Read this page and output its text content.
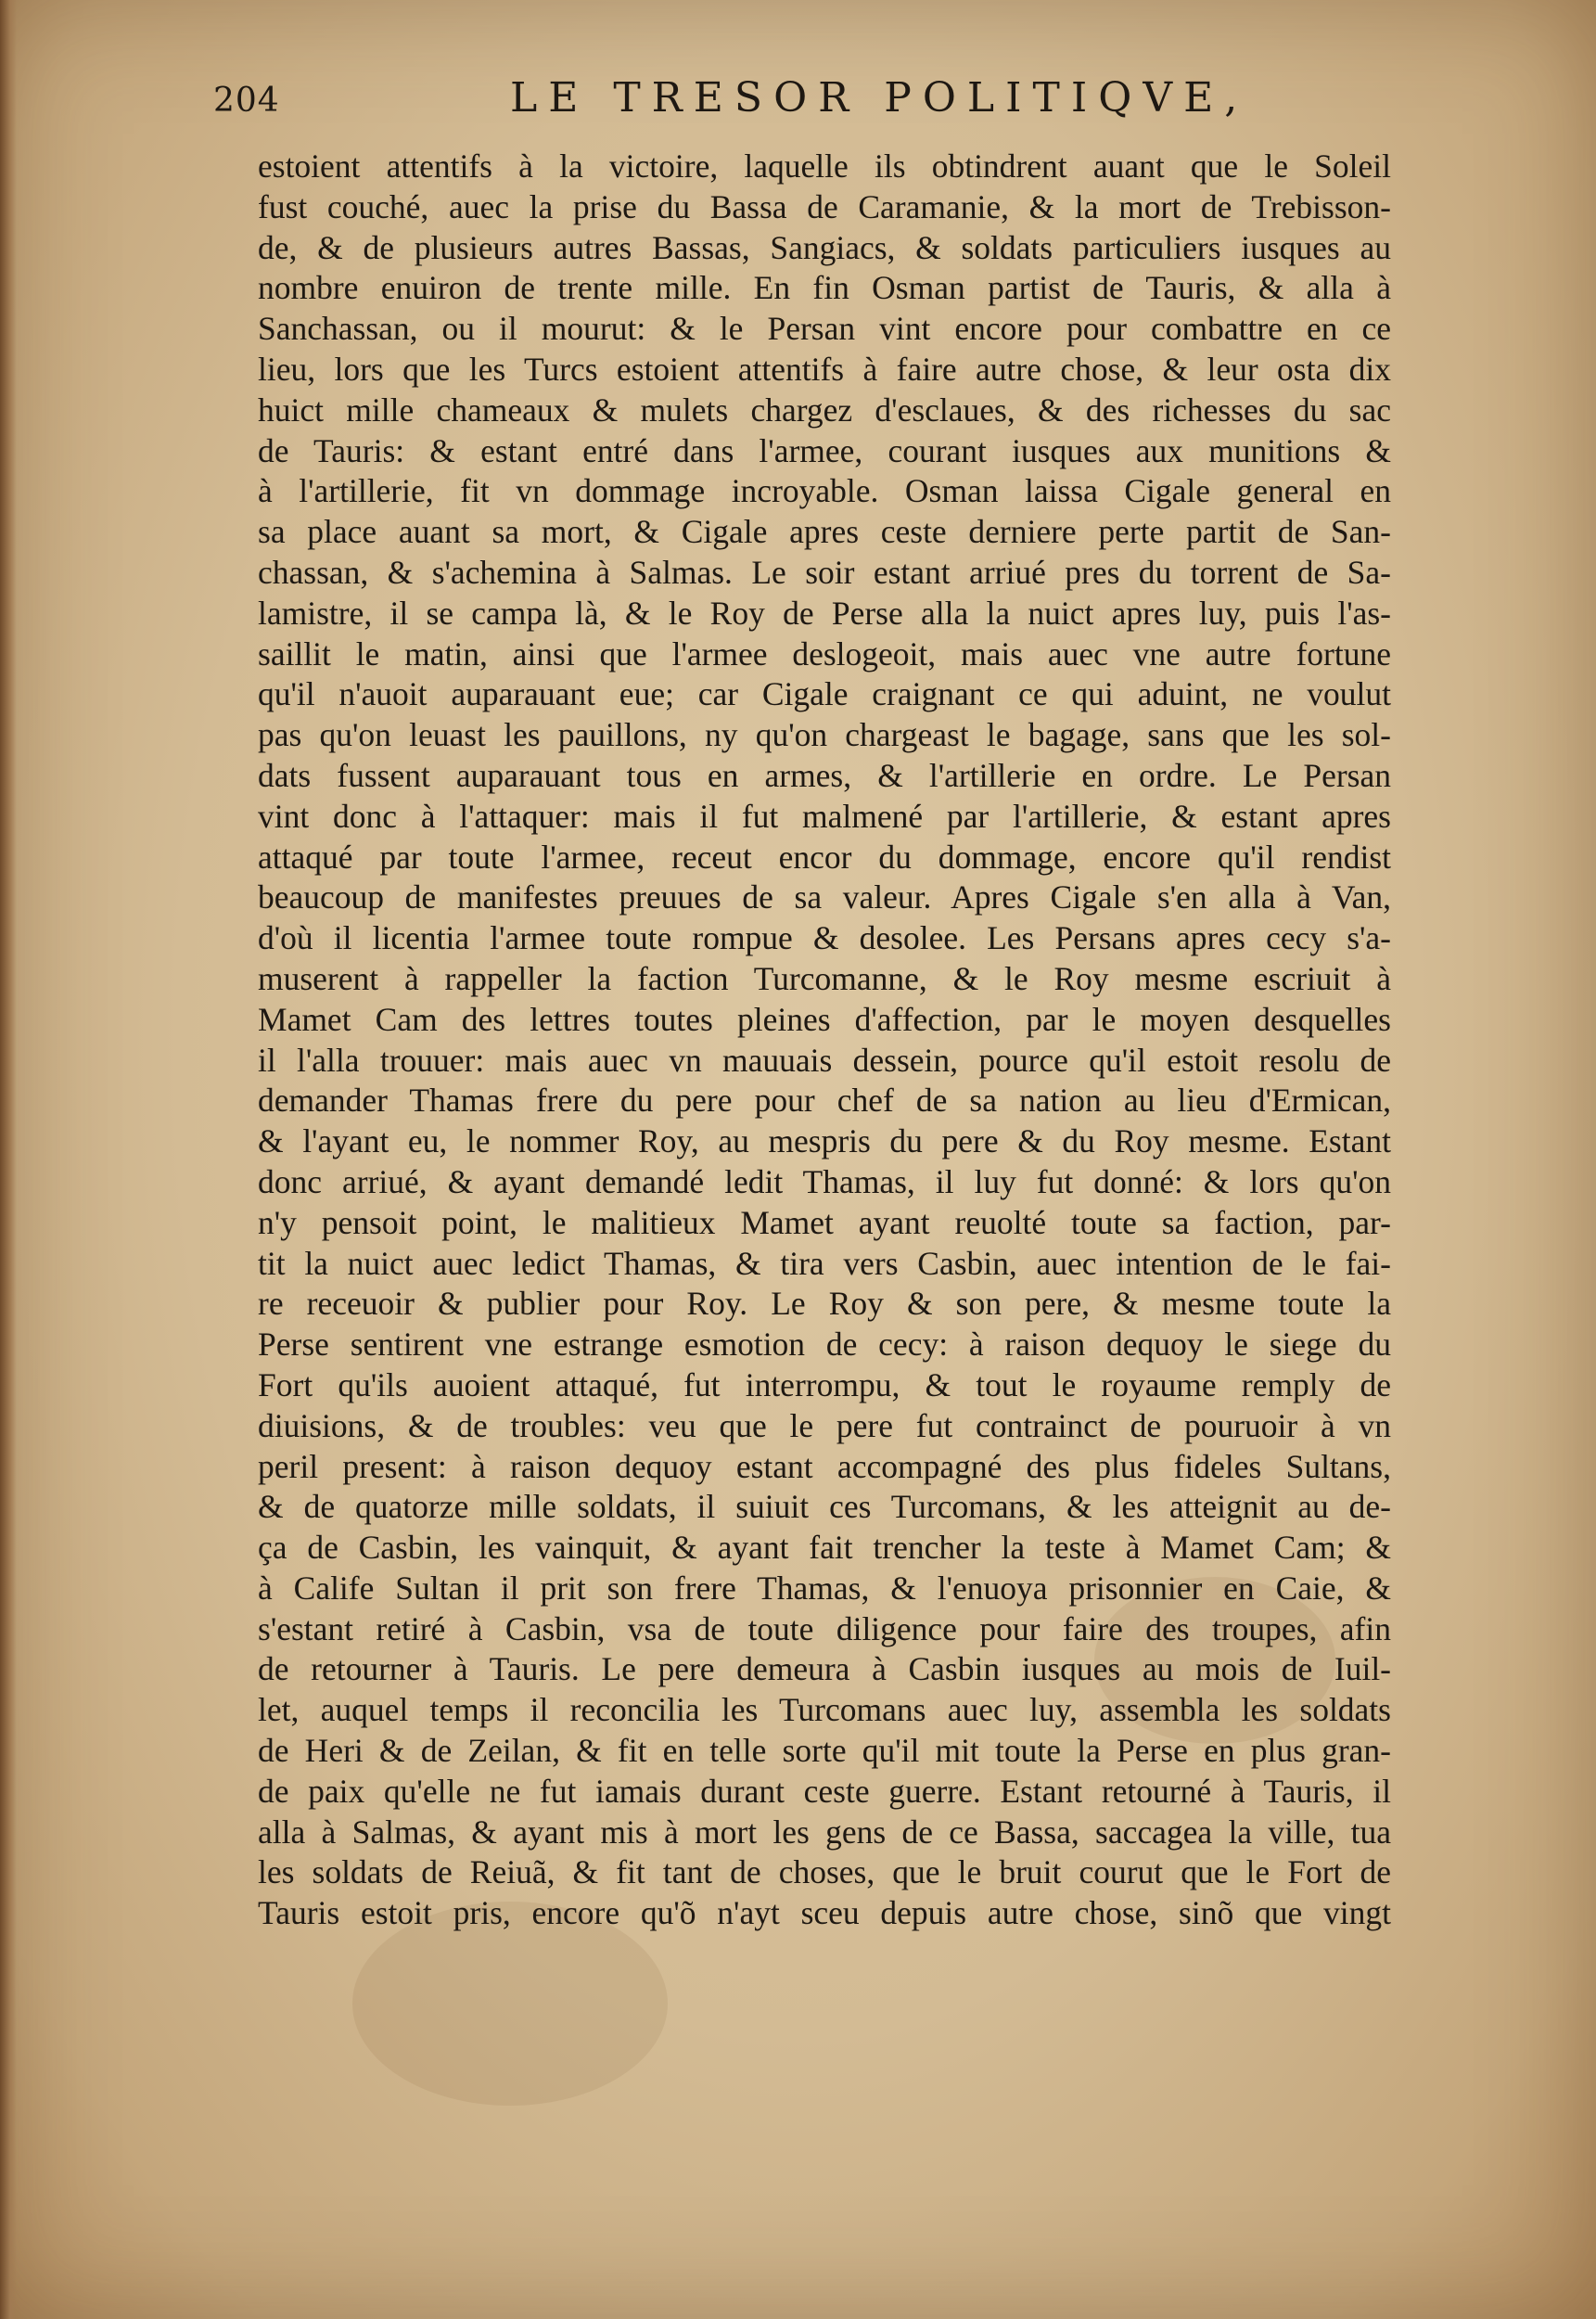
204	LE TRESOR POLITIQVE,
estoient attentifs à la victoire, laquelle ils obtindrent auant que le Soleil
fust couché, auec la prise du Bassa de Caramanie, & la mort de Trebisson-
de, & de plusieurs autres Bassas, Sangiacs, & soldats particuliers iusques au
nombre enuiron de trente mille. En fin Osman partist de Tauris, & alla à
Sanchassan, ou il mourut: & le Persan vint encore pour combattre en ce
lieu, lors que les Turcs estoient attentifs à faire autre chose, & leur osta dix
huict mille chameaux & mulets chargez d'esclaues, & des richesses du sac
de Tauris: & estant entré dans l'armee, courant iusques aux munitions &
à l'artillerie, fit vn dommage incroyable. Osman laissa Cigale general en
sa place auant sa mort, & Cigale apres ceste derniere perte partit de San-
chassan, & s'achemina à Salmas. Le soir estant arriué pres du torrent de Sa-
lamistre, il se campa là, & le Roy de Perse alla la nuict apres luy, puis l'as-
saillit le matin, ainsi que l'armee deslogeoit, mais auec vne autre fortune
qu'il n'auoit auparauant eue; car Cigale craignant ce qui aduint, ne voulut
pas qu'on leuast les pauillons, ny qu'on chargeast le bagage, sans que les sol-
dats fussent auparauant tous en armes, & l'artillerie en ordre. Le Persan
vint donc à l'attaquer: mais il fut malmené par l'artillerie, & estant apres
attaqué par toute l'armee, receut encor du dommage, encore qu'il rendist
beaucoup de manifestes preuues de sa valeur. Apres Cigale s'en alla à Van,
d'où il licentia l'armee toute rompue & desolee. Les Persans apres cecy s'a-
muserent à rappeller la faction Turcomanne, & le Roy mesme escriuit à
Mamet Cam des lettres toutes pleines d'affection, par le moyen desquelles
il l'alla trouuer: mais auec vn mauuais dessein, pource qu'il estoit resolu de
demander Thamas frere du pere pour chef de sa nation au lieu d'Ermican,
& l'ayant eu, le nommer Roy, au mespris du pere & du Roy mesme. Estant
donc arriué, & ayant demandé ledit Thamas, il luy fut donné: & lors qu'on
n'y pensoit point, le malitieux Mamet ayant reuolté toute sa faction, par-
tit la nuict auec ledict Thamas, & tira vers Casbin, auec intention de le fai-
re receuoir & publier pour Roy. Le Roy & son pere, & mesme toute la
Perse sentirent vne estrange esmotion de cecy: à raison dequoy le siege du
Fort qu'ils auoient attaqué, fut interrompu, & tout le royaume remply de
diuisions, & de troubles: veu que le pere fut contrainct de pouruoir à vn
peril present: à raison dequoy estant accompagné des plus fideles Sultans,
& de quatorze mille soldats, il suiuit ces Turcomans, & les atteignit au de-
ça de Casbin, les vainquit, & ayant fait trencher la teste à Mamet Cam; &
à Calife Sultan il prit son frere Thamas, & l'enuoya prisonnier en Caie, &
s'estant retiré à Casbin, vsa de toute diligence pour faire des troupes, afin
de retourner à Tauris. Le pere demeura à Casbin iusques au mois de Iuil-
let, auquel temps il reconcilia les Turcomans auec luy, assembla les soldats
de Heri & de Zeilan, & fit en telle sorte qu'il mit toute la Perse en plus gran-
de paix qu'elle ne fut iamais durant ceste guerre. Estant retourné à Tauris, il
alla à Salmas, & ayant mis à mort les gens de ce Bassa, saccagea la ville, tua
les soldats de Reiuã, & fit tant de choses, que le bruit courut que le Fort de
Tauris estoit pris, encore qu'õ n'ayt sceu depuis autre chose, sinõ que vingt
